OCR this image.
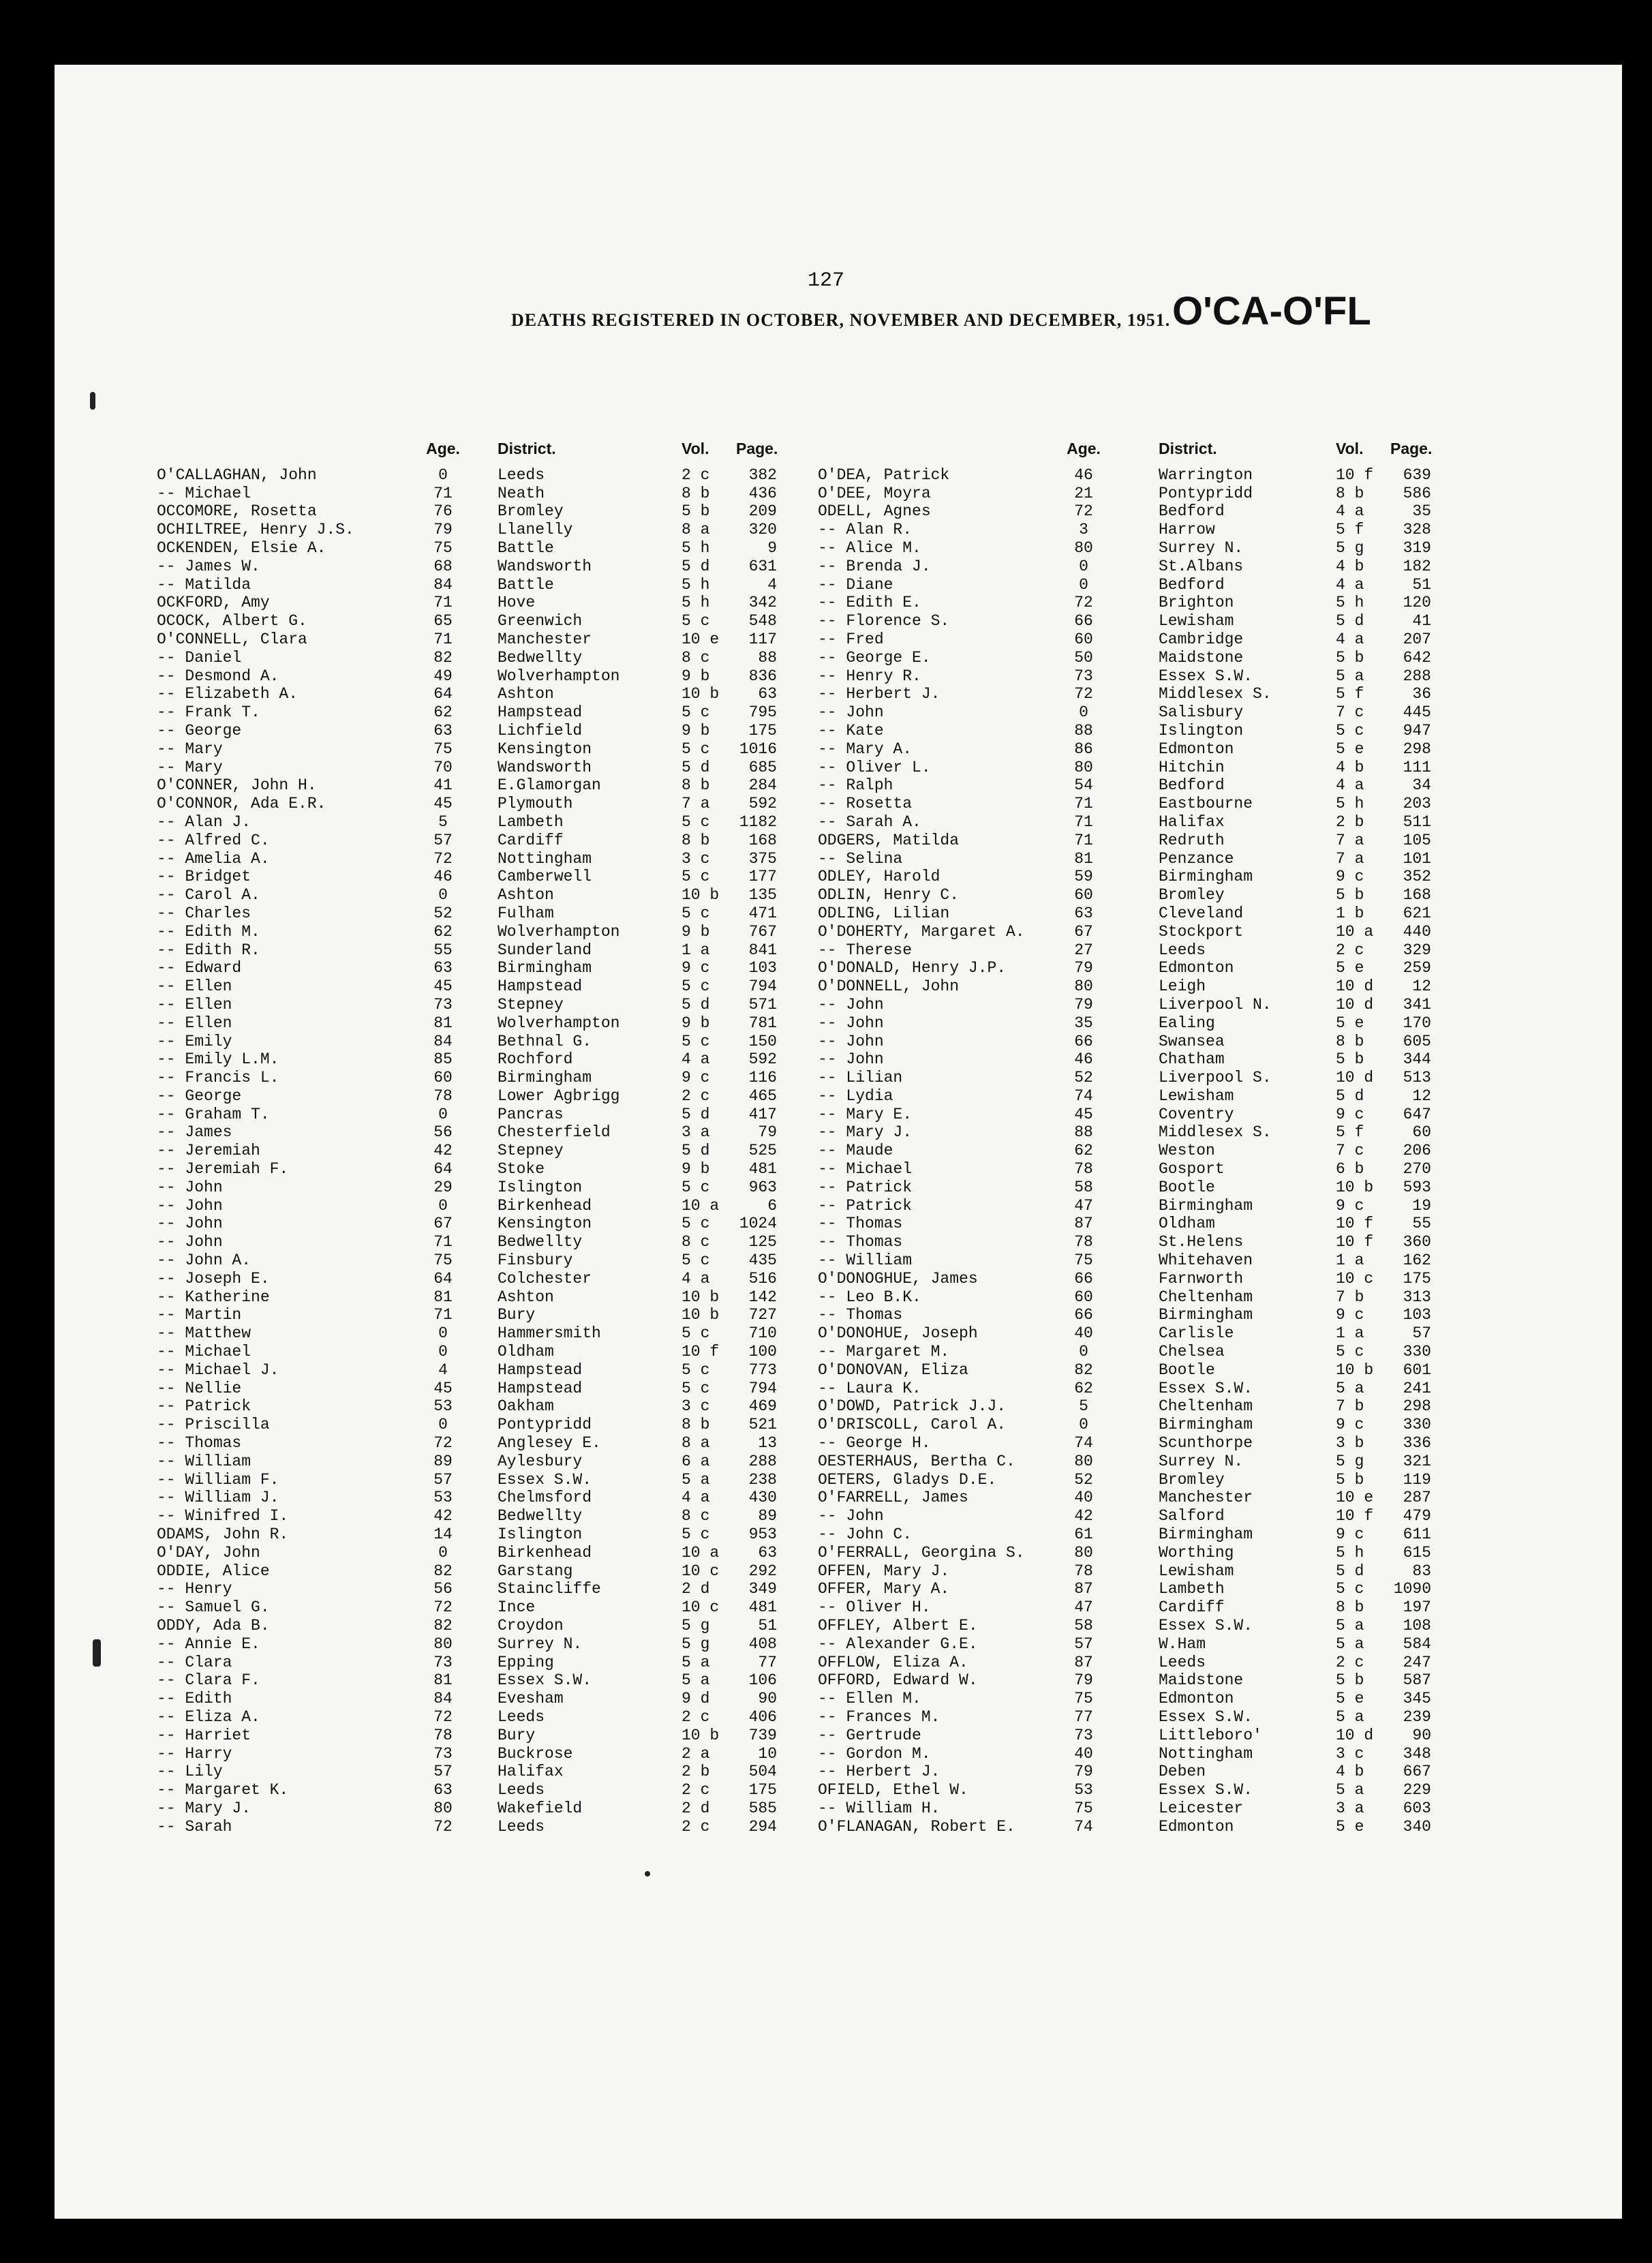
127
DEATHS REGISTERED IN OCTOBER, NOVEMBER AND DECEMBER, 1951. O'CA-O'FL
Age. District.	Vol. Page.
O'CALLAGHAN, John	0	Leeds	2 c	382
-- Michael	71	Neath	8 b	436
OCCOMORE, Rosetta	76	Bromley	5 b	209
OCHILTREE, Henry J.S.	79	Llanelly	8 a	320
OCKENDEN, Elsie A.	75	Battle	5 h	9
-- James W.	68	Wandsworth	5 d	631
-- Matilda	84	Battle	5 h	4
OCKFORD, Amy	71	Hove	5 h	342
OCOCK, Albert G.	65	Greenwich	5 c	548
O'CONNELL, Clara	71	Manchester	10 e	117
-- Daniel	82	Bedwellty	8 c	88
-- Desmond A.	49	Wolverhampton	9 b	836
-- Elizabeth A.	64	Ashton	10 b	63
-- Frank T.	62	Hampstead	5 c	795
-- George	63	Lichfield	9 b	175
-- Mary	75	Kensington	5 c	1016
-- Mary	70	Wandsworth	5 d	685
O'CONNER, John H.	41	E.Glamorgan	8 b	284
O'CONNOR, Ada E.R.	45	Plymouth	7 a	592
-- Alan J.	5	Lambeth	5 c	1182
-- Alfred C.	57	Cardiff	8 b	168
-- Amelia A.	72	Nottingham	3 c	375
-- Bridget	46	Camberwell	5 c	177
-- Carol A.	0	Ashton	10 b	135
-- Charles	52	Fulham	5 c	471
-- Edith M.	62	Wolverhampton	9 b	767
-- Edith R.	55	Sunderland	1 a	841
-- Edward	63	Birmingham	9 c	103
-- Ellen	45	Hampstead	5 c	794
-- Ellen	73	Stepney	5 d	571
-- Ellen	81	Wolverhampton	9 b	781
-- Emily	84	Bethnal G.	5 c	150
-- Emily L.M.	85	Rochford	4 a	592
-- Francis L.	60	Birmingham	9 c	116
-- George	78	Lower Agbrigg	2 c	465
-- Graham T.	0	Pancras	5 d	417
-- James	56	Chesterfield	3 a	79
-- Jeremiah	42	Stepney	5 d	525
-- Jeremiah F.	64	Stoke	9 b	481
-- John	29	Islington	5 c	963
-- John	0	Birkenhead	10 a	6
-- John	67	Kensington	5 c	1024
-- John	71	Bedwellty	8 c	125
-- John A.	75	Finsbury	5 c	435
-- Joseph E.	64	Colchester	4 a	516
-- Katherine	81	Ashton	10 b	142
-- Martin	71	Bury	10 b	727
-- Matthew	0	Hammersmith	5 c	710
-- Michael	0	Oldham	10 f	100
-- Michael J.	4	Hampstead	5 c	773
-- Nellie	45	Hampstead	5 c	794
-- Patrick	53	Oakham	3 c	469
-- Priscilla	0	Pontypridd	8 b	521
-- Thomas	72	Anglesey E.	8 a	13
-- William	89	Aylesbury	6 a	288
-- William F.	57	Essex S.W.	5 a	238
-- William J.	53	Chelmsford	4 a	430
-- Winifred I.	42	Bedwellty	8 c	89
ODAMS, John R.	14	Islington	5 c	953
O'DAY, John	0	Birkenhead	10 a	63
ODDIE, Alice	82	Garstang	10 c	292
-- Henry	56	Staincliffe	2 d	349
-- Samuel G.	72	Ince	10 c	481
ODDY, Ada B.	82	Croydon	5 g	51
-- Annie E.	80	Surrey N.	5 g	408
-- Clara	73	Epping	5 a	77
-- Clara F.	81	Essex S.W.	5 a	106
-- Edith	84	Evesham	9 d	90
-- Eliza A.	72	Leeds	2 c	406
-- Harriet	78	Bury	10 b	739
-- Harry	73	Buckrose	2 a	10
-- Lily	57	Halifax	2 b	504
-- Margaret K.	63	Leeds	2 c	175
-- Mary J.	80	Wakefield	2 d	585
-- Sarah	72	Leeds	2 c	294
Age.	District.	Vol. Page.
O'DEA, Patrick	46	Warrington	10 f	639
O'DEE, Moyra	21	Pontypridd	8 b	586
ODELL, Agnes	72	Bedford	4 a	35
-- Alan R.	3	Harrow	5 f	328
-- Alice M.	80	Surrey N.	5 g	319
-- Brenda J.	0	St.Albans	4 b	182
-- Diane	0	Bedford	4 a	51
-- Edith E.	72	Brighton	5 h	120
-- Florence S.	66	Lewisham	5 d	41
-- Fred	60	Cambridge	4 a	207
-- George E.	50	Maidstone	5 b	642
-- Henry R.	73	Essex S.W.	5 a	288
-- Herbert J.	72	Middlesex S.	5 f	36
-- John	0	Salisbury	7 c	445
-- Kate	88	Islington	5 c	947
-- Mary A.	86	Edmonton	5 e	298
-- Oliver L.	80	Hitchin	4 b	111
-- Ralph	54	Bedford	4 a	34
-- Rosetta	71	Eastbourne	5 h	203
-- Sarah A.	71	Halifax	2 b	511
ODGERS, Matilda	71	Redruth	7 a	105
-- Selina	81	Penzance	7 a	101
ODLEY, Harold	59	Birmingham	9 c	352
ODLIN, Henry C.	60	Bromley	5 b	168
ODLING, Lilian	63	Cleveland	1 b	621
O'DOHERTY, Margaret A.	67	Stockport	10 a	440
-- Therese	27	Leeds	2 c	329
O'DONALD, Henry J.P.	79	Edmonton	5 e	259
O'DONNELL, John	80	Leigh	10 d	12
-- John	79	Liverpool N.	10 d	341
-- John	35	Ealing	5 e	170
-- John	66	Swansea	8 b	605
-- John	46	Chatham	5 b	344
-- Lilian	52	Liverpool S.	10 d	513
-- Lydia	74	Lewisham	5 d	12
-- Mary E.	45	Coventry	9 c	647
-- Mary J.	88	Middlesex S.	5 f	60
-- Maude	62	Weston	7 c	206
-- Michael	78	Gosport	6 b	270
-- Patrick	58	Bootle	10 b	593
-- Patrick	47	Birmingham	9 c	19
-- Thomas	87	Oldham	10 f	55
-- Thomas	78	St.Helens	10 f	360
-- William	75	Whitehaven	1 a	162
O'DONOGHUE, James	66	Farnworth	10 c	175
-- Leo B.K.	60	Cheltenham	7 b	313
-- Thomas	66	Birmingham	9 c	103
O'DONOHUE, Joseph	40	Carlisle	1 a	57
-- Margaret M.	0	Chelsea	5 c	330
O'DONOVAN, Eliza	82	Bootle	10 b	601
-- Laura K.	62	Essex S.W.	5 a	241
O'DOWD, Patrick J.J.	5	Cheltenham	7 b	298
O'DRISCOLL, Carol A.	0	Birmingham	9 c	330
-- George H.	74	Scunthorpe	3 b	336
OESTERHAUS, Bertha C.	80	Surrey N.	5 g	321
OETERS, Gladys D.E.	52	Bromley	5 b	119
O'FARRELL, James	40	Manchester	10 e	287
-- John	42	Salford	10 f	479
-- John C.	61	Birmingham	9 c	611
O'FERRALL, Georgina S.	80	Worthing	5 h	615
OFFEN, Mary J.	78	Lewisham	5 d	83
OFFER, Mary A.	87	Lambeth	5 c	1090
-- Oliver H.	47	Cardiff	8 b	197
OFFLEY, Albert E.	58	Essex S.W.	5 a	108
-- Alexander G.E.	57	W.Ham	5 a	584
OFFLOW, Eliza A.	87	Leeds	2 c	247
OFFORD, Edward W.	79	Maidstone	5 b	587
-- Ellen M.	75	Edmonton	5 e	345
-- Frances M.	77	Essex S.W.	5 a	239
-- Gertrude	73	Littleboro'	10 d	90
-- Gordon M.	40	Nottingham	3 c	348
-- Herbert J.	79	Deben	4 b	667
OFIELD, Ethel W.	53	Essex S.W.	5 a	229
-- William H.	75	Leicester	3 a	603
O'FLANAGAN, Robert E.	74	Edmonton	5 e	340
